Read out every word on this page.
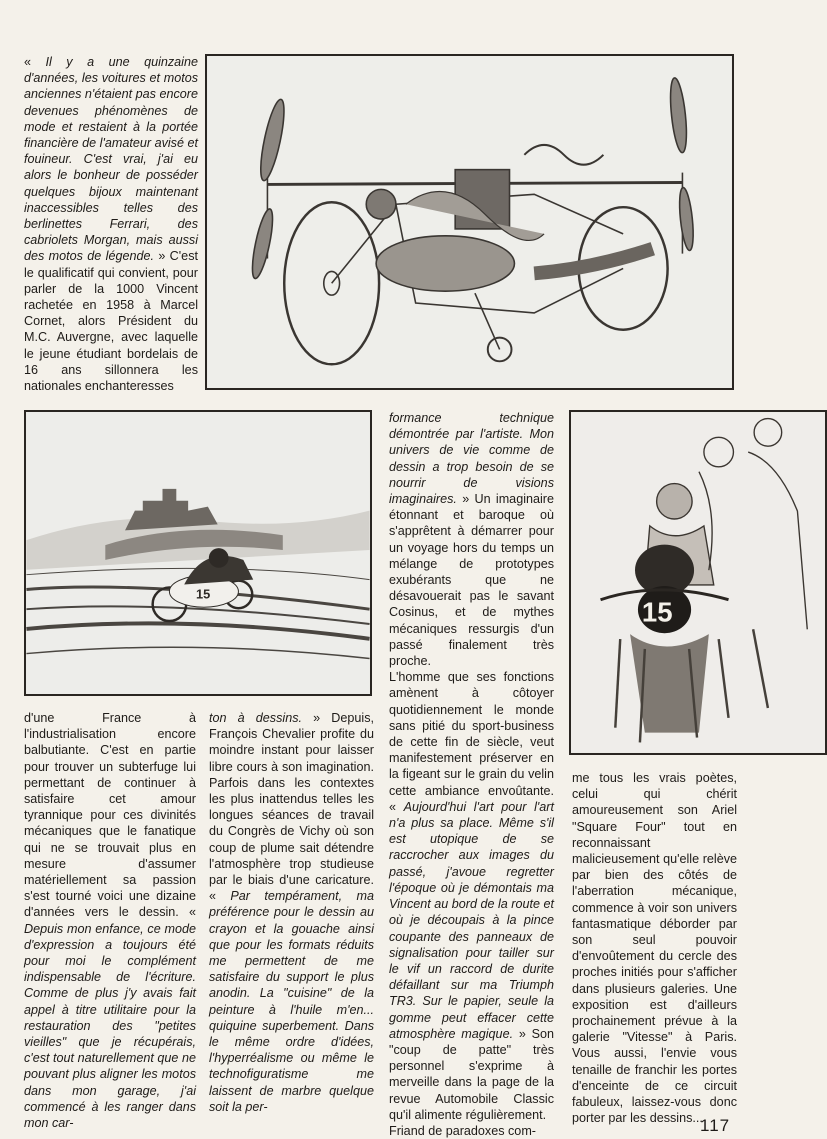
« Il y a une quinzaine d'années, les voitures et motos anciennes n'étaient pas encore devenues phénomènes de mode et restaient à la portée financière de l'amateur avisé et fouineur. C'est vrai, j'ai eu alors le bonheur de posséder quelques bijoux maintenant inaccessibles telles des berlinettes Ferrari, des cabriolets Morgan, mais aussi des motos de légende. » C'est le qualificatif qui convient, pour parler de la 1000 Vincent rachetée en 1958 à Marcel Cornet, alors Président du M.C. Auvergne, avec laquelle le jeune étudiant bordelais de 16 ans sillonnera les nationales enchanteresses

15
15

d'une France à l'industrialisation encore balbutiante. C'est en partie pour trouver un subterfuge lui permettant de continuer à satisfaire cet amour tyrannique pour ces divinités mécaniques que le fanatique qui ne se trouvait plus en mesure d'assumer matériellement sa passion s'est tourné voici une dizaine d'années vers le dessin. « Depuis mon enfance, ce mode d'expression a toujours été pour moi le complément indispensable de l'écriture. Comme de plus j'y avais fait appel à titre utilitaire pour la restauration des "petites vieilles" que je récupérais, c'est tout naturellement que ne pouvant plus aligner les motos dans mon garage, j'ai commencé à les ranger dans mon car-

ton à dessins. » Depuis, François Chevalier profite du moindre instant pour laisser libre cours à son imagination. Parfois dans les contextes les plus inattendus telles les longues séances de travail du Congrès de Vichy où son coup de plume sait détendre l'atmosphère trop studieuse par le biais d'une caricature. « Par tempérament, ma préférence pour le dessin au crayon et la gouache ainsi que pour les formats réduits me permettent de me satisfaire du support le plus anodin. La "cuisine" de la peinture à l'huile m'en... quiquine superbement. Dans le même ordre d'idées, l'hyperréalisme ou même le technofiguratisme me laissent de marbre quelque soit la per-

formance technique démontrée par l'artiste. Mon univers de vie comme de dessin a trop besoin de se nourrir de visions imaginaires. » Un imaginaire étonnant et baroque où s'apprêtent à démarrer pour un voyage hors du temps un mélange de prototypes exubérants que ne désavouerait pas le savant Cosinus, et de mythes mécaniques ressurgis d'un passé finalement très proche.

L'homme que ses fonctions amènent à côtoyer quotidiennement le monde sans pitié du sport-business de cette fin de siècle, veut manifestement préserver en la figeant sur le grain du velin cette ambiance envoûtante. « Aujourd'hui l'art pour l'art n'a plus sa place. Même s'il est utopique de se raccrocher aux images du passé, j'avoue regretter l'époque où je démontais ma Vincent au bord de la route et où je découpais à la pince coupante des panneaux de signalisation pour tailler sur le vif un raccord de durite défaillant sur ma Triumph TR3. Sur le papier, seule la gomme peut effacer cette atmosphère magique. » Son "coup de patte" très personnel s'exprime à merveille dans la page de la revue Automobile Classic qu'il alimente régulièrement.

Friand de paradoxes com-

me tous les vrais poètes, celui qui chérit amoureusement son Ariel "Square Four" tout en reconnaissant malicieusement qu'elle relève par bien des côtés de l'aberration mécanique, commence à voir son univers fantasmatique déborder par son seul pouvoir d'envoûtement du cercle des proches initiés pour s'afficher dans plusieurs galeries. Une exposition est d'ailleurs prochainement prévue à la galerie "Vitesse" à Paris. Vous aussi, l'envie vous tenaille de franchir les portes d'enceinte de ce circuit fabuleux, laissez-vous donc porter par les dessins...

117
